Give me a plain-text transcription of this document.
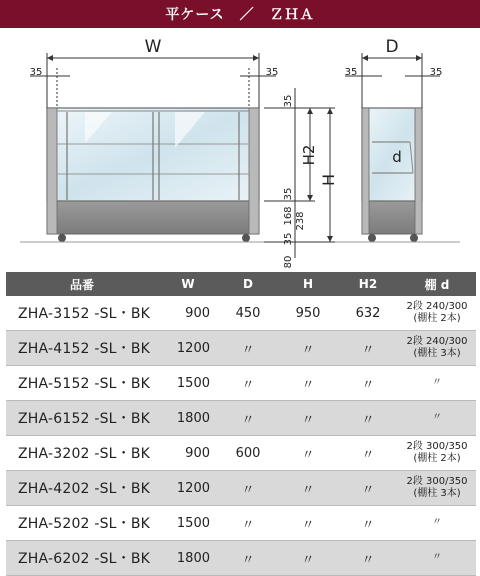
平ケース　／　ＺＨＡ
W	D
35	35	35	35
d
H
H2
35
35
168 238
35
80
品番	W	D	H	H2	棚 d
ZHA-3152 -SL・BK	900	450	950	632	2段 240/300
(棚柱 2本)
ZHA-4152 -SL・BK	1200	〃	〃	〃	2段 240/300
(棚柱 3本)
ZHA-5152 -SL・BK	1500	〃	〃	〃	〃
ZHA-6152 -SL・BK	1800	〃	〃	〃	〃
ZHA-3202 -SL・BK	900	600	〃	〃	2段 300/350
(棚柱 2本)
ZHA-4202 -SL・BK	1200	〃	〃	〃	2段 300/350
(棚柱 3本)
ZHA-5202 -SL・BK	1500	〃	〃	〃	〃
ZHA-6202 -SL・BK	1800	〃	〃	〃	〃
